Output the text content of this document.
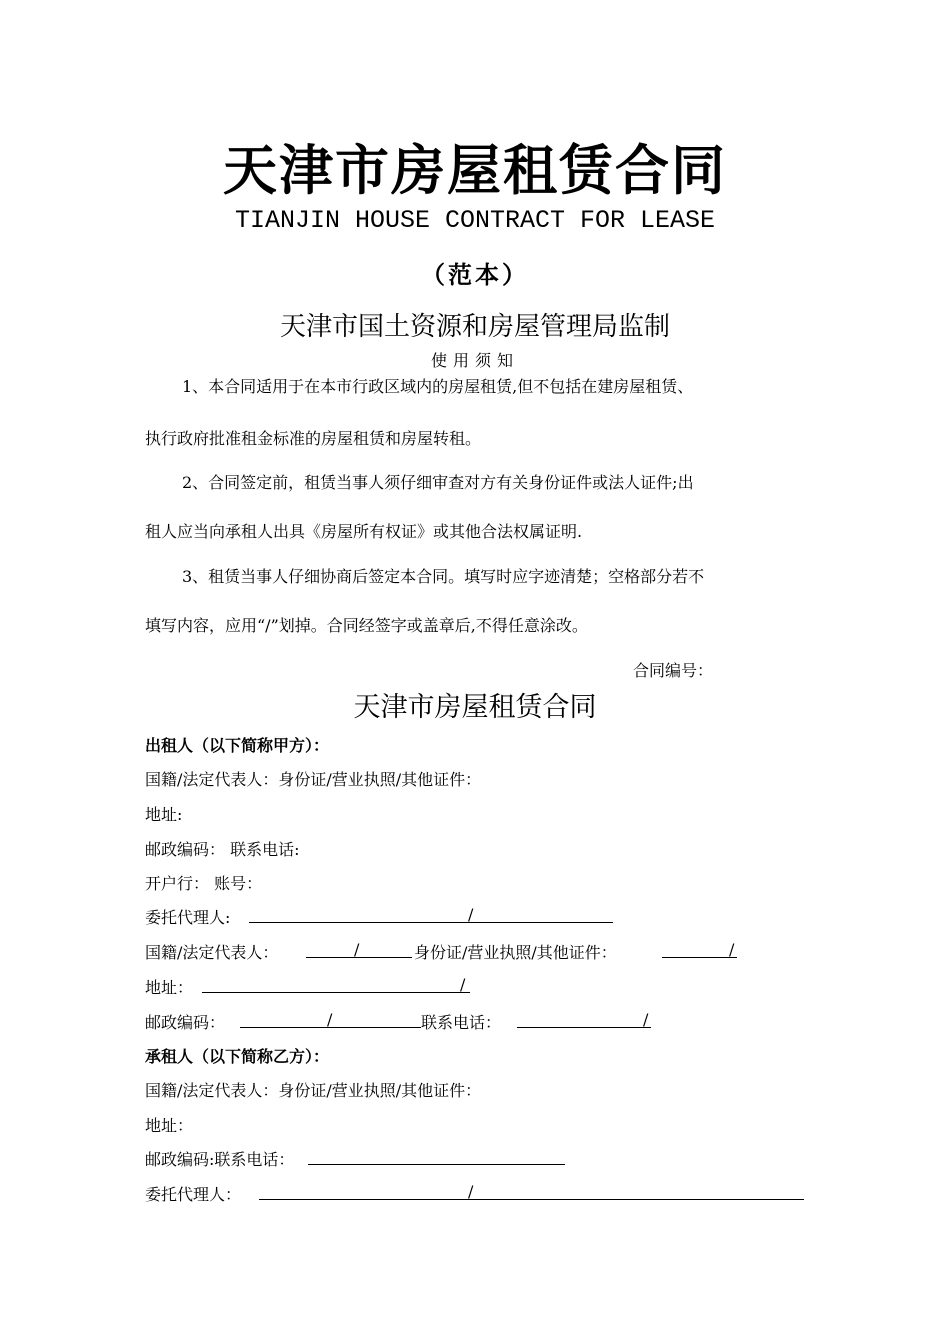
天津市房屋租赁合同
TIANJIN HOUSE CONTRACT FOR LEASE
（范本）
天津市国土资源和房屋管理局监制
使用须知
1、本合同适用于在本市行政区域内的房屋租赁,但不包括在建房屋租赁、
执行政府批准租金标准的房屋租赁和房屋转租。
2、合同签定前，租赁当事人须仔细审查对方有关身份证件或法人证件;出
租人应当向承租人出具《房屋所有权证》或其他合法权属证明.
3、租赁当事人仔细协商后签定本合同。填写时应字迹清楚；空格部分若不
填写内容，应用“/”划掉。合同经签字或盖章后,不得任意涂改。
合同编号：
天津市房屋租赁合同
出租人（以下简称甲方）：
国籍/法定代表人：身份证/营业执照/其他证件：
地址:
邮政编码： 联系电话:
开户行： 账号：
委托代理人:	/
国籍/法定代表人：	/	身份证/营业执照/其他证件：	/
地址：	/
邮政编码：	/	联系电话：	/
承租人（以下简称乙方）：
国籍/法定代表人：身份证/营业执照/其他证件：
地址：
邮政编码:联系电话：
委托代理人：	/
